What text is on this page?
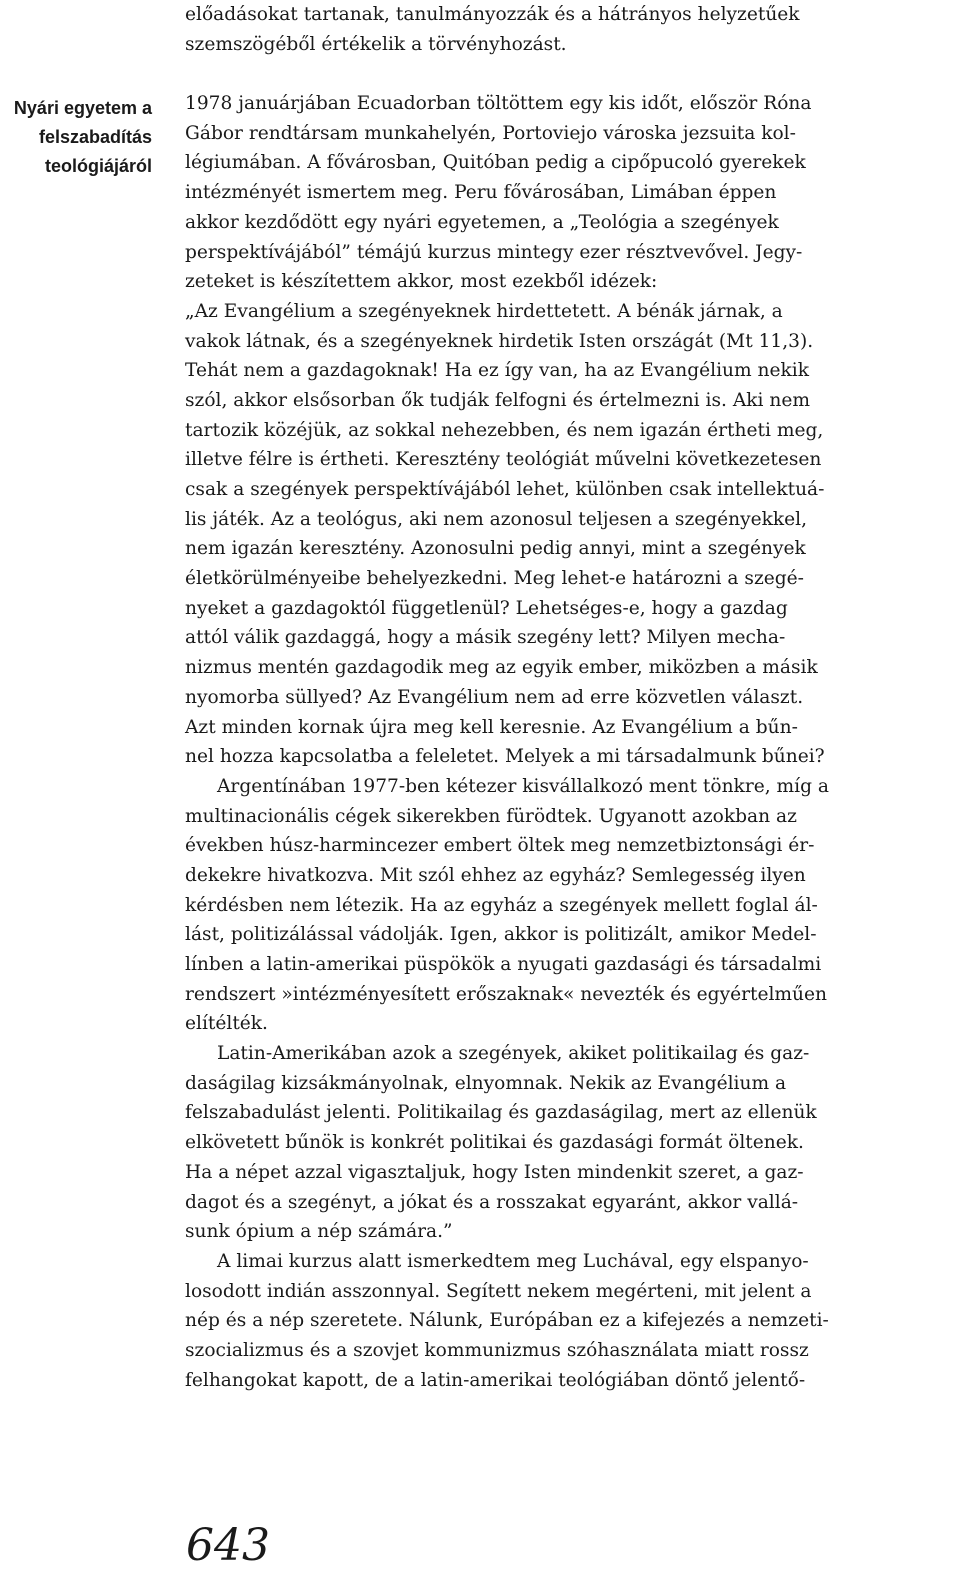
Nyári egyetem a
felszabadítás
teológiájáról
előadásokat tartanak, tanulmányozzák és a hátrányos helyzetűek
szemszögéből értékelik a törvényhozást.
1978 januárjában Ecuadorban töltöttem egy kis időt, először Róna
Gábor rendtársam munkahelyén, Portoviejo városka jezsuita kol-
légiumában. A fővárosban, Quitóban pedig a cipőpucoló gyerekek
intézményét ismertem meg. Peru fővárosában, Limában éppen
akkor kezdődött egy nyári egyetemen, a „Teológia a szegények
perspektívájából” témájú kurzus mintegy ezer résztvevővel. Jegy-
zeteket is készítettem akkor, most ezekből idézek:
„Az Evangélium a szegényeknek hirdettetett. A bénák járnak, a
vakok látnak, és a szegényeknek hirdetik Isten országát (Mt 11,3).
Tehát nem a gazdagoknak! Ha ez így van, ha az Evangélium nekik
szól, akkor elsősorban ők tudják felfogni és értelmezni is. Aki nem
tartozik közéjük, az sokkal nehezebben, és nem igazán értheti meg,
illetve félre is értheti. Keresztény teológiát művelni következetesen
csak a szegények perspektívájából lehet, különben csak intellektuá-
lis játék. Az a teológus, aki nem azonosul teljesen a szegényekkel,
nem igazán keresztény. Azonosulni pedig annyi, mint a szegények
életkörülményeibe behelyezkedni. Meg lehet-e határozni a szegé-
nyeket a gazdagoktól függetlenül? Lehetséges-e, hogy a gazdag
attól válik gazdaggá, hogy a másik szegény lett? Milyen mecha-
nizmus mentén gazdagodik meg az egyik ember, miközben a másik
nyomorba süllyed? Az Evangélium nem ad erre közvetlen választ.
Azt minden kornak újra meg kell keresnie. Az Evangélium a bűn-
nel hozza kapcsolatba a feleletet. Melyek a mi társadalmunk bűnei?
Argentínában 1977-ben kétezer kisvállalkozó ment tönkre, míg a
multinacionális cégek sikerekben fürödtek. Ugyanott azokban az
években húsz-harmincezer embert öltek meg nemzetbiztonsági ér-
dekekre hivatkozva. Mit szól ehhez az egyház? Semlegesség ilyen
kérdésben nem létezik. Ha az egyház a szegények mellett foglal ál-
lást, politizálással vádolják. Igen, akkor is politizált, amikor Medel-
línben a latin-amerikai püspökök a nyugati gazdasági és társadalmi
rendszert »intézményesített erőszaknak« nevezték és egyértelműen
elítélték.
Latin-Amerikában azok a szegények, akiket politikailag és gaz-
daságilag kizsákmányolnak, elnyomnak. Nekik az Evangélium a
felszabadulást jelenti. Politikailag és gazdaságilag, mert az ellenük
elkövetett bűnök is konkrét politikai és gazdasági formát öltenek.
Ha a népet azzal vigasztaljuk, hogy Isten mindenkit szeret, a gaz-
dagot és a szegényt, a jókat és a rosszakat egyaránt, akkor vallá-
sunk ópium a nép számára.”
A limai kurzus alatt ismerkedtem meg Luchával, egy elspanyo-
losodott indián asszonnyal. Segített nekem megérteni, mit jelent a
nép és a nép szeretete. Nálunk, Európában ez a kifejezés a nemzeti-
szocializmus és a szovjet kommunizmus szóhasználata miatt rossz
felhangokat kapott, de a latin-amerikai teológiában döntő jelentő-
643
